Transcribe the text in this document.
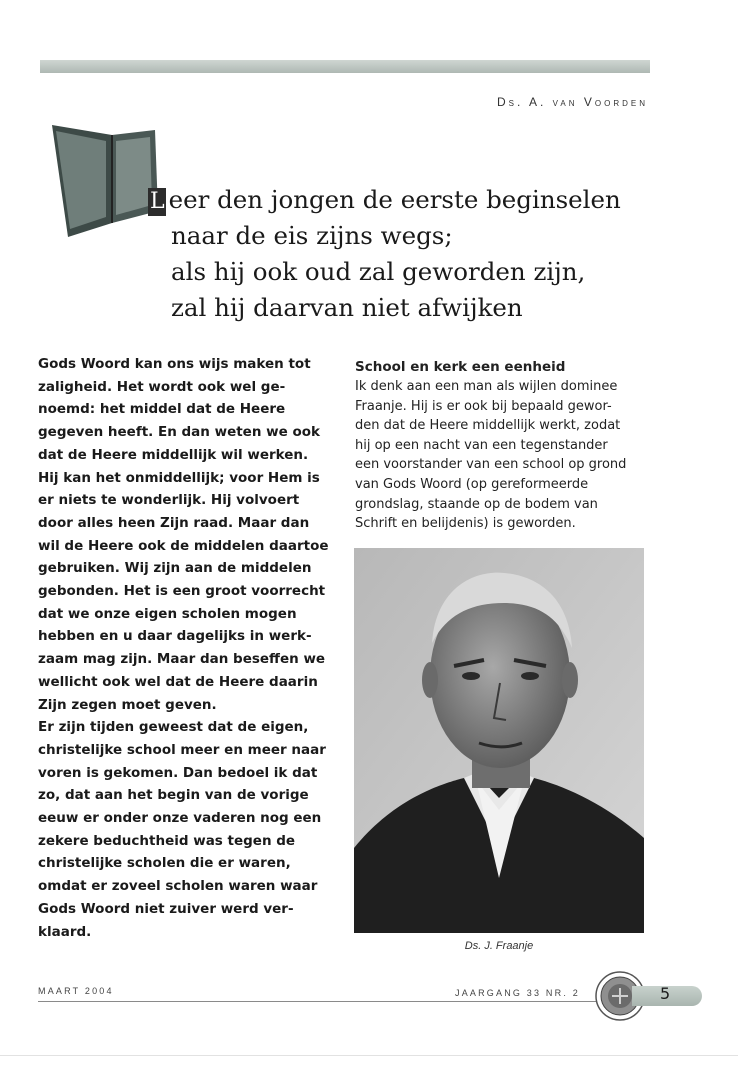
Ds. A. van Voorden
L eer den jongen de eerste beginselen
naar de eis zijns wegs;
als hij ook oud zal geworden zijn,
zal hij daarvan niet afwijken

Gods Woord kan ons wijs maken tot

zaligheid. Het wordt ook wel ge-

noemd: het middel dat de Heere

gegeven heeft. En dan weten we ook

dat de Heere middellijk wil werken.

Hij kan het onmiddellijk; voor Hem is

er niets te wonderlijk. Hij volvoert

door alles heen Zijn raad. Maar dan

wil de Heere ook de middelen daartoe

gebruiken. Wij zijn aan de middelen

gebonden. Het is een groot voorrecht

dat we onze eigen scholen mogen

hebben en u daar dagelijks in werk-

zaam mag zijn. Maar dan beseffen we

wellicht ook wel dat de Heere daarin

Zijn zegen moet geven.

Er zijn tijden geweest dat de eigen,

christelijke school meer en meer naar

voren is gekomen. Dan bedoel ik dat

zo, dat aan het begin van de vorige

eeuw er onder onze vaderen nog een

zekere beduchtheid was tegen de

christelijke scholen die er waren,

omdat er zoveel scholen waren waar

Gods Woord niet zuiver werd ver-

klaard.

School en kerk een eenheid

Ik denk aan een man als wijlen dominee

Fraanje. Hij is er ook bij bepaald gewor-

den dat de Heere middellijk werkt, zodat

hij op een nacht van een tegenstander

een voorstander van een school op grond

van Gods Woord (op gereformeerde

grondslag, staande op de bodem van

Schrift en belijdenis) is geworden.

Ds. J. Fraanje
MAART 2004	JAARGANG 33 NR. 2	5
